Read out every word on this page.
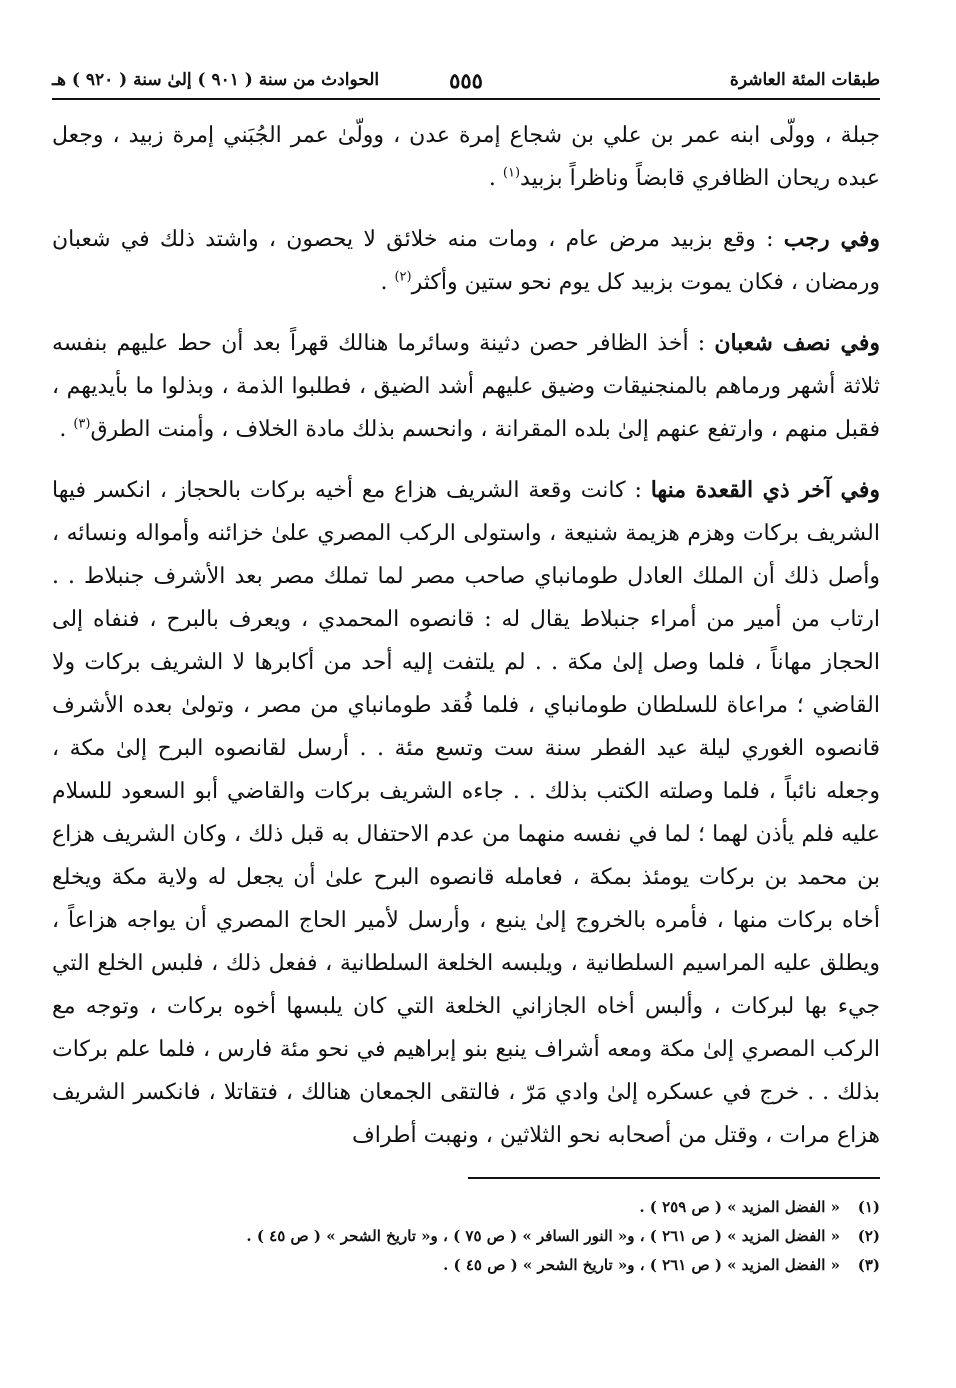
طبقات المئة العاشرة
٥٥٥
الحوادث من سنة ( ٩٠١ ) إلىٰ سنة ( ٩٢٠ ) هـ

جبلة ، وولّى ابنه عمر بن علي بن شجاع إمرة عدن ، وولّىٰ عمر الجُبَني إمرة زبيد ، وجعل عبده ريحان الظافري قابضاً وناظراً بزبيد$^{(١)}$ .

وفي رجب : وقع بزبيد مرض عام ، ومات منه خلائق لا يحصون ، واشتد ذلك في شعبان ورمضان ، فكان يموت بزبيد كل يوم نحو ستين وأكثر$^{(٢)}$ .

وفي نصف شعبان : أخذ الظافر حصن دثينة وسائرما هنالك قهراً بعد أن حط عليهم بنفسه ثلاثة أشهر ورماهم بالمنجنيقات وضيق عليهم أشد الضيق ، فطلبوا الذمة ، وبذلوا ما بأيديهم ، فقبل منهم ، وارتفع عنهم إلىٰ بلده المقرانة ، وانحسم بذلك مادة الخلاف ، وأمنت الطرق$^{(٣)}$ .

وفي آخر ذي القعدة منها : كانت وقعة الشريف هزاع مع أخيه بركات بالحجاز ، انكسر فيها الشريف بركات وهزم هزيمة شنيعة ، واستولى الركب المصري علىٰ خزائنه وأمواله ونسائه ، وأصل ذلك أن الملك العادل طومانباي صاحب مصر لما تملك مصر بعد الأشرف جنبلاط . . ارتاب من أمير من أمراء جنبلاط يقال له : قانصوه المحمدي ، ويعرف بالبرح ، فنفاه إلى الحجاز مهاناً ، فلما وصل إلىٰ مكة . . لم يلتفت إليه أحد من أكابرها لا الشريف بركات ولا القاضي ؛ مراعاة للسلطان طومانباي ، فلما فُقد طومانباي من مصر ، وتولىٰ بعده الأشرف قانصوه الغوري ليلة عيد الفطر سنة ست وتسع مئة . . أرسل لقانصوه البرح إلىٰ مكة ، وجعله نائباً ، فلما وصلته الكتب بذلك . . جاءه الشريف بركات والقاضي أبو السعود للسلام عليه فلم يأذن لهما ؛ لما في نفسه منهما من عدم الاحتفال به قبل ذلك ، وكان الشريف هزاع بن محمد بن بركات يومئذ بمكة ، فعامله قانصوه البرح علىٰ أن يجعل له ولاية مكة ويخلع أخاه بركات منها ، فأمره بالخروج إلىٰ ينبع ، وأرسل لأمير الحاج المصري أن يواجه هزاعاً ، ويطلق عليه المراسيم السلطانية ، ويلبسه الخلعة السلطانية ، ففعل ذلك ، فلبس الخلع التي جيء بها لبركات ، وألبس أخاه الجازاني الخلعة التي كان يلبسها أخوه بركات ، وتوجه مع الركب المصري إلىٰ مكة ومعه أشراف ينبع بنو إبراهيم في نحو مئة فارس ، فلما علم بركات بذلك . . خرج في عسكره إلىٰ وادي مَرّ ، فالتقى الجمعان هنالك ، فتقاتلا ، فانكسر الشريف هزاع مرات ، وقتل من أصحابه نحو الثلاثين ، ونهبت أطراف

(١)
« الفضل المزيد » ( ص ٢٥٩ ) .
(٢)
« الفضل المزيد » ( ص ٢٦١ ) ، و« النور السافر » ( ص ٧٥ ) ، و« تاريخ الشحر » ( ص ٤٥ ) .
(٣)
« الفضل المزيد » ( ص ٢٦١ ) ، و« تاريخ الشحر » ( ص ٤٥ ) .
